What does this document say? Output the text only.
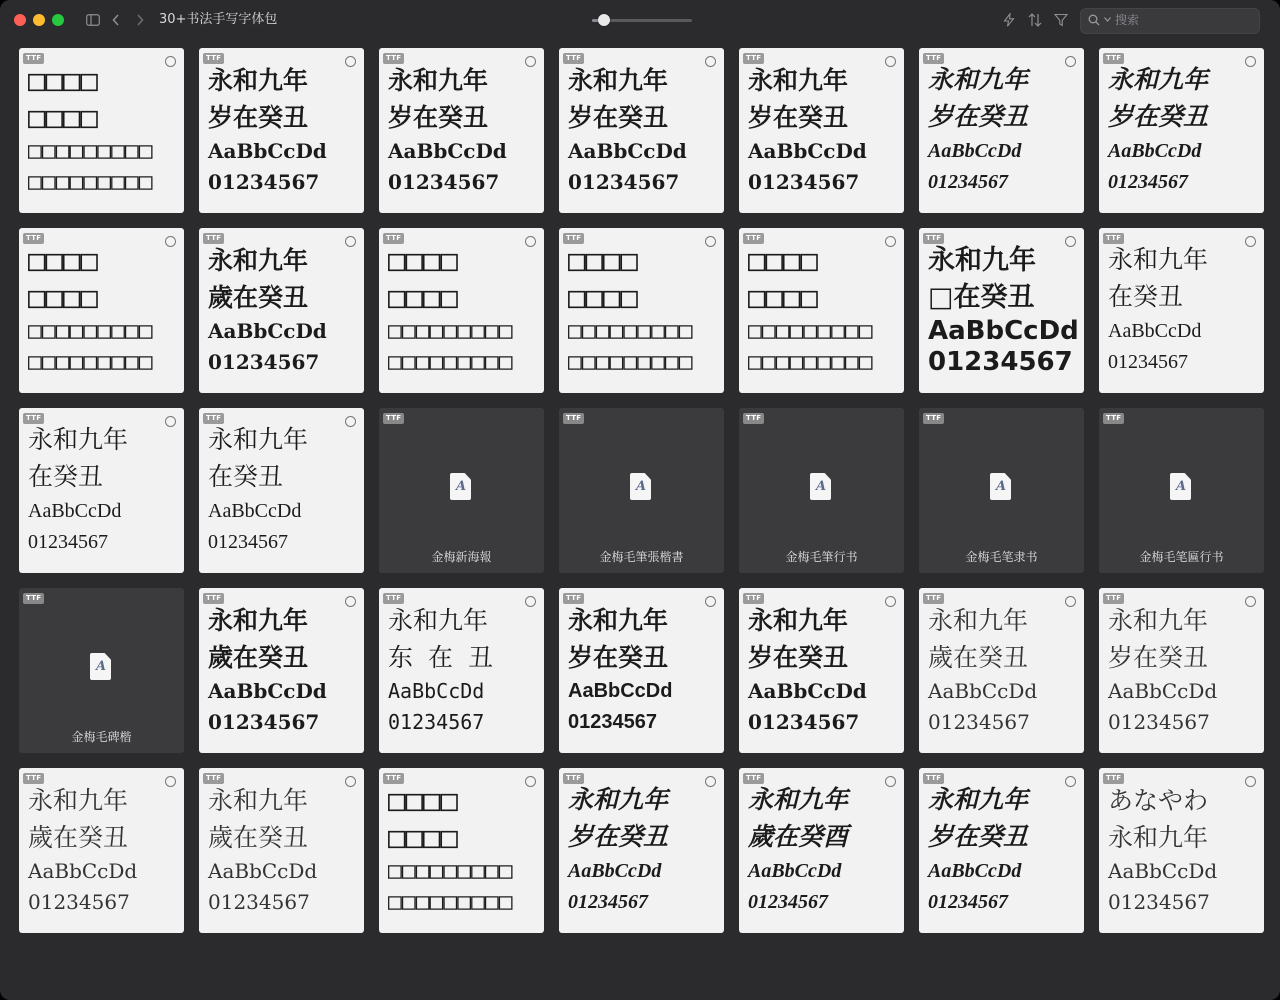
30+书法手写字体包
搜索
TTF
□□□□
□□□□
□□□□□□□□□
□□□□□□□□□
TTF
永和九年
岁在癸丑
AaBbCcDd
01234567
TTF
永和九年
岁在癸丑
AaBbCcDd
01234567
TTF
永和九年
岁在癸丑
AaBbCcDd
01234567
TTF
永和九年
岁在癸丑
AaBbCcDd
01234567
TTF
永和九年
岁在癸丑
AaBbCcDd
01234567
TTF
永和九年
岁在癸丑
AaBbCcDd
01234567
TTF
□□□□
□□□□
□□□□□□□□□
□□□□□□□□□
TTF
永和九年
歲在癸丑
AaBbCcDd
01234567
TTF
□□□□
□□□□
□□□□□□□□□
□□□□□□□□□
TTF
□□□□
□□□□
□□□□□□□□□
□□□□□□□□□
TTF
□□□□
□□□□
□□□□□□□□□
□□□□□□□□□
TTF
永和九年
□在癸丑
AaBbCcDd
01234567
TTF
永和九年
在癸丑
AaBbCcDd
01234567
TTF
永和九年
在癸丑
AaBbCcDd
01234567
TTF
永和九年
在癸丑
AaBbCcDd
01234567
TTF
A
金梅新海報
TTF
A
金梅毛筆張楷書
TTF
A
金梅毛筆行书
TTF
A
金梅毛笔隶书
TTF
A
金梅毛笔匾行书
TTF
A
金梅毛碑楷
TTF
永和九年
歲在癸丑
AaBbCcDd
01234567
TTF
永和九年
东 在 丑
AaBbCcDd
01234567
TTF
永和九年
岁在癸丑
AaBbCcDd
01234567
TTF
永和九年
岁在癸丑
AaBbCcDd
01234567
TTF
永和九年
歲在癸丑
AaBbCcDd
01234567
TTF
永和九年
岁在癸丑
AaBbCcDd
01234567
TTF
永和九年
歲在癸丑
AaBbCcDd
01234567
TTF
永和九年
歲在癸丑
AaBbCcDd
01234567
TTF
□□□□
□□□□
□□□□□□□□□
□□□□□□□□□
TTF
永和九年
岁在癸丑
AaBbCcDd
01234567
TTF
永和九年
歲在癸酉
AaBbCcDd
01234567
TTF
永和九年
岁在癸丑
AaBbCcDd
01234567
TTF
あなやわ
永和九年
AaBbCcDd
01234567
